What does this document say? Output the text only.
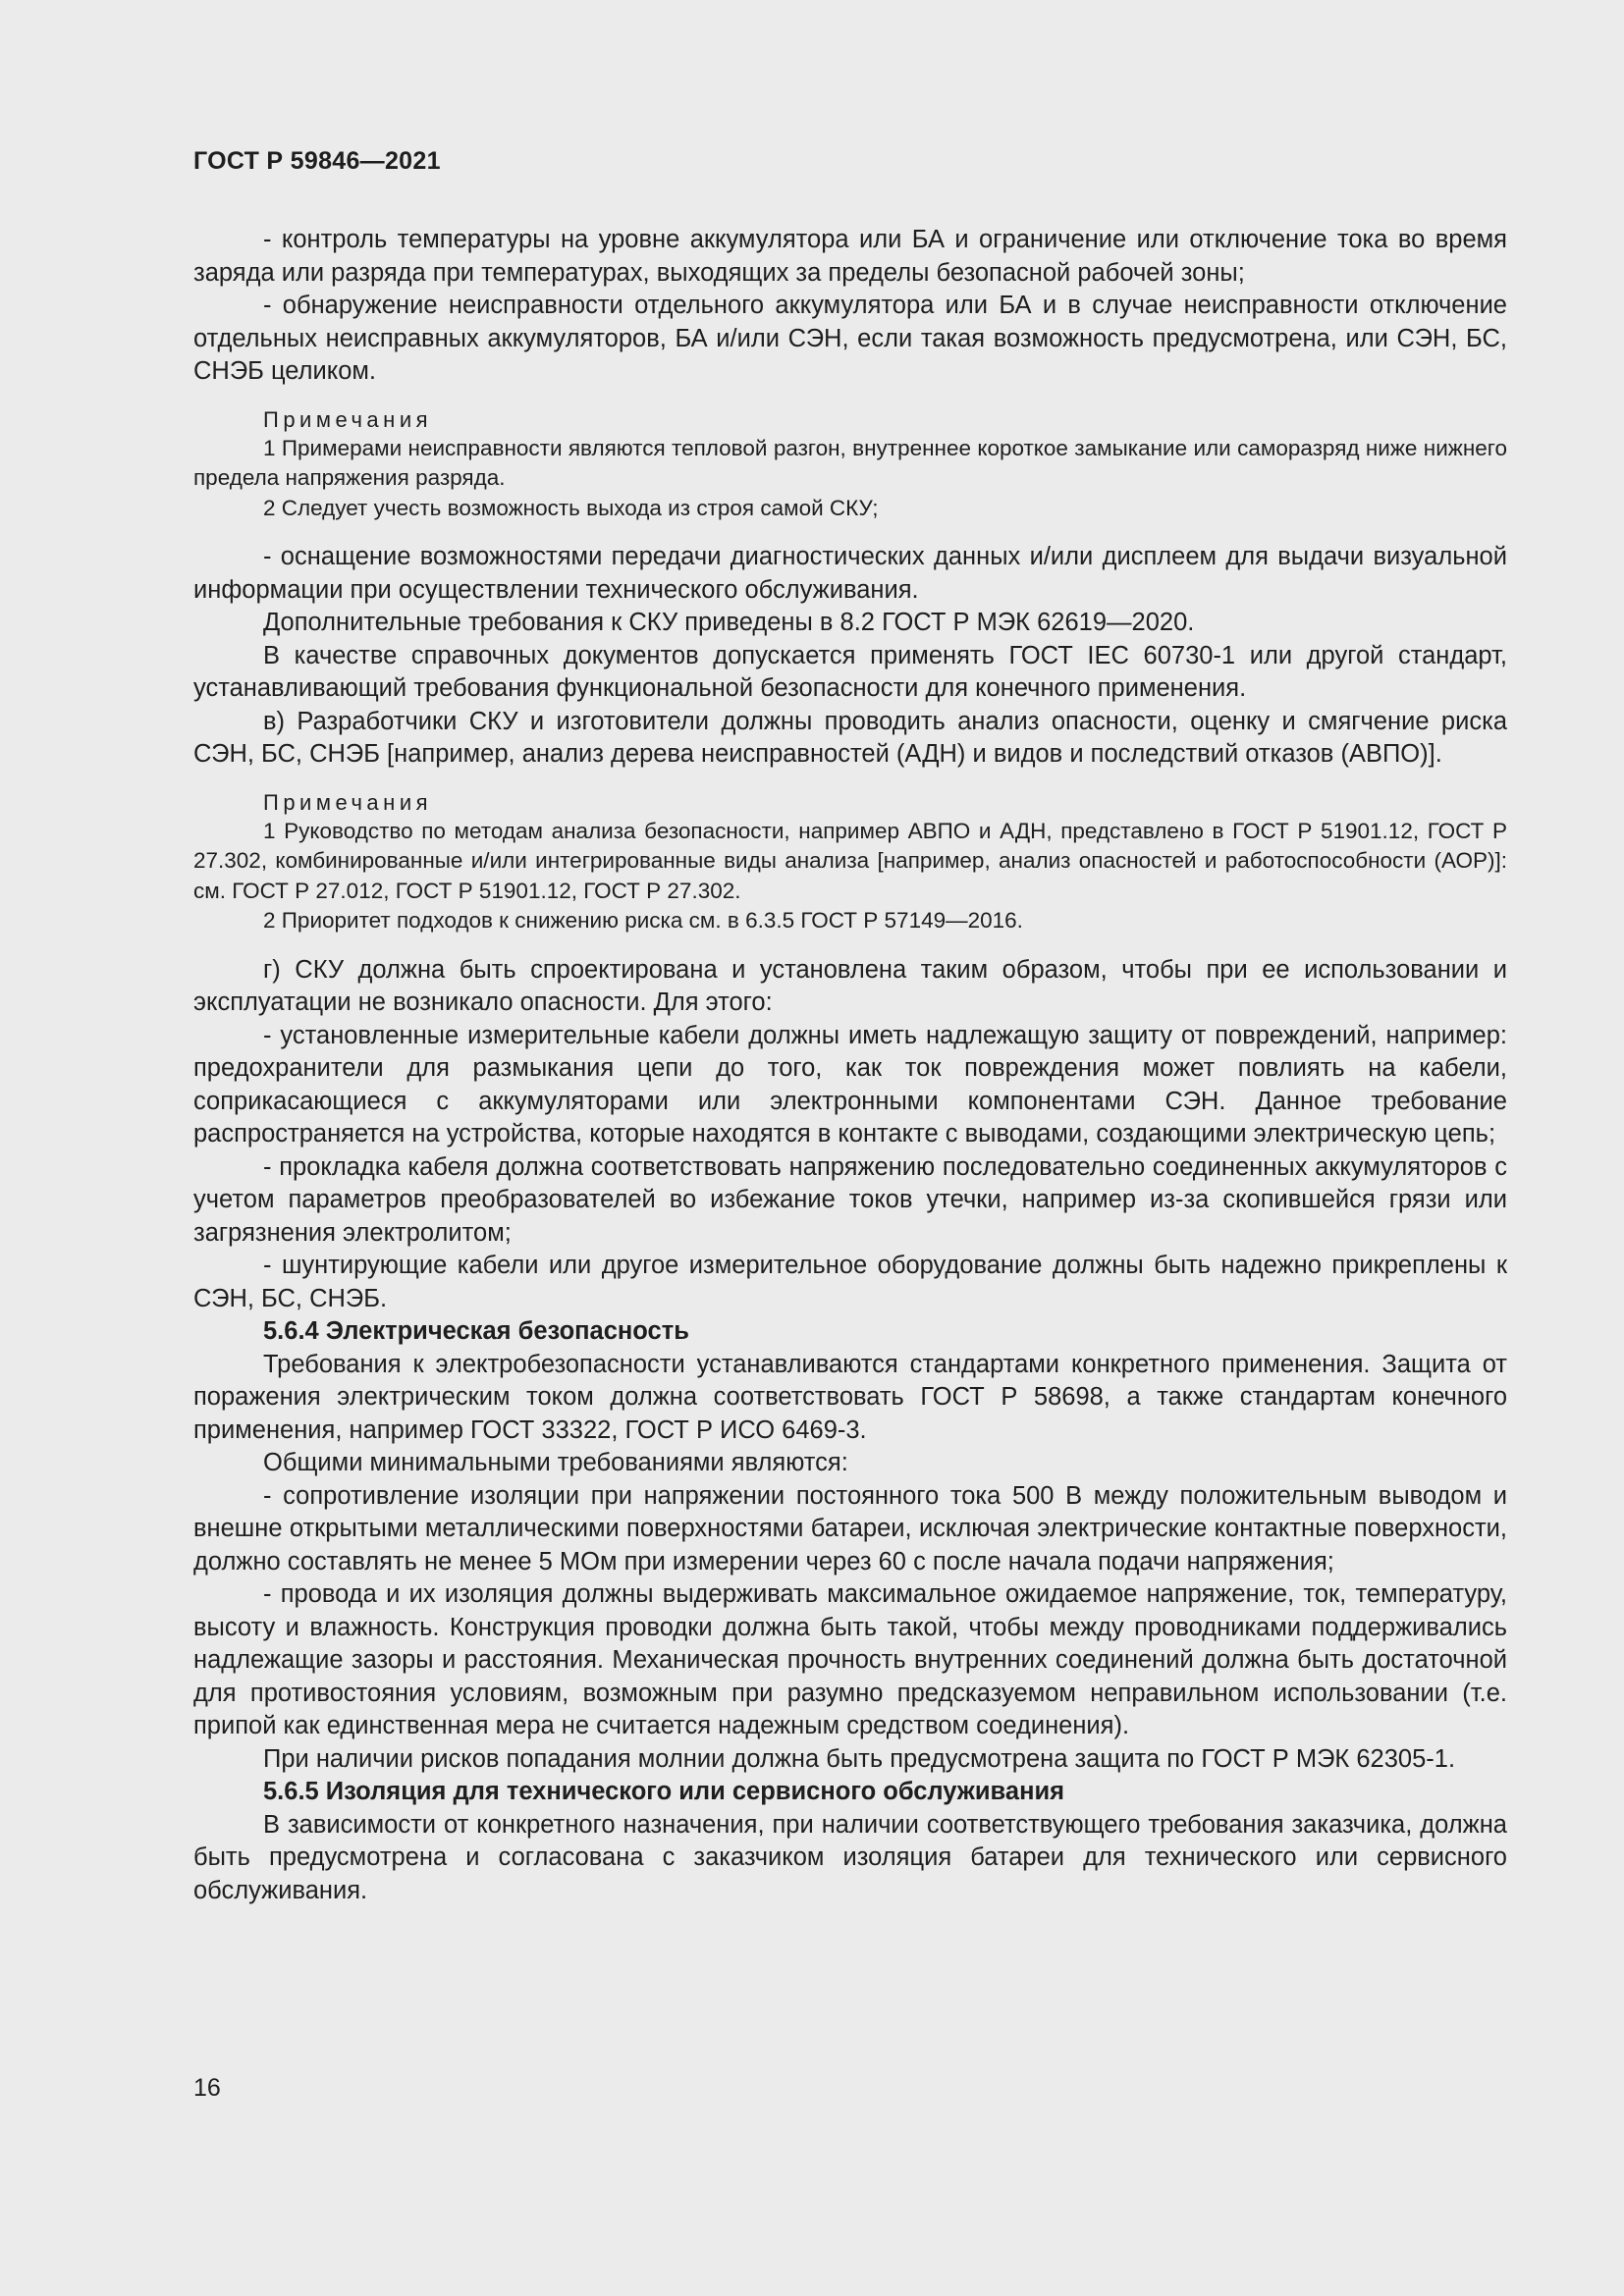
ГОСТ Р 59846—2021

- контроль температуры на уровне аккумулятора или БА и ограничение или отключение тока во время заряда или разряда при температурах, выходящих за пределы безопасной рабочей зоны;

- обнаружение неисправности отдельного аккумулятора или БА и в случае неисправности отключение отдельных неисправных аккумуляторов, БА и/или СЭН, если такая возможность предусмотрена, или СЭН, БС, СНЭБ целиком.

Примечания

1 Примерами неисправности являются тепловой разгон, внутреннее короткое замыкание или саморазряд ниже нижнего предела напряжения разряда.

2 Следует учесть возможность выхода из строя самой СКУ;

- оснащение возможностями передачи диагностических данных и/или дисплеем для выдачи визуальной информации при осуществлении технического обслуживания.

Дополнительные требования к СКУ приведены в 8.2 ГОСТ Р МЭК 62619—2020.

В качестве справочных документов допускается применять ГОСТ IEC 60730-1 или другой стандарт, устанавливающий требования функциональной безопасности для конечного применения.

в) Разработчики СКУ и изготовители должны проводить анализ опасности, оценку и смягчение риска СЭН, БС, СНЭБ [например, анализ дерева неисправностей (АДН) и видов и последствий отказов (АВПО)].

Примечания

1 Руководство по методам анализа безопасности, например АВПО и АДН, представлено в ГОСТ Р 51901.12, ГОСТ Р 27.302, комбинированные и/или интегрированные виды анализа [например, анализ опасностей и работоспособности (АОР)]: см. ГОСТ Р 27.012, ГОСТ Р 51901.12, ГОСТ Р 27.302.

2 Приоритет подходов к снижению риска см. в 6.3.5 ГОСТ Р 57149—2016.

г) СКУ должна быть спроектирована и установлена таким образом, чтобы при ее использовании и эксплуатации не возникало опасности. Для этого:

- установленные измерительные кабели должны иметь надлежащую защиту от повреждений, например: предохранители для размыкания цепи до того, как ток повреждения может повлиять на кабели, соприкасающиеся с аккумуляторами или электронными компонентами СЭН. Данное требование распространяется на устройства, которые находятся в контакте с выводами, создающими электрическую цепь;

- прокладка кабеля должна соответствовать напряжению последовательно соединенных аккумуляторов с учетом параметров преобразователей во избежание токов утечки, например из-за скопившейся грязи или загрязнения электролитом;

- шунтирующие кабели или другое измерительное оборудование должны быть надежно прикреплены к СЭН, БС, СНЭБ.

5.6.4 Электрическая безопасность

Требования к электробезопасности устанавливаются стандартами конкретного применения. Защита от поражения электрическим током должна соответствовать ГОСТ Р 58698, а также стандартам конечного применения, например ГОСТ 33322, ГОСТ Р ИСО 6469-3.

Общими минимальными требованиями являются:

- сопротивление изоляции при напряжении постоянного тока 500 В между положительным выводом и внешне открытыми металлическими поверхностями батареи, исключая электрические контактные поверхности, должно составлять не менее 5 МОм при измерении через 60 с после начала подачи напряжения;

- провода и их изоляция должны выдерживать максимальное ожидаемое напряжение, ток, температуру, высоту и влажность. Конструкция проводки должна быть такой, чтобы между проводниками поддерживались надлежащие зазоры и расстояния. Механическая прочность внутренних соединений должна быть достаточной для противостояния условиям, возможным при разумно предсказуемом неправильном использовании (т.е. припой как единственная мера не считается надежным средством соединения).

При наличии рисков попадания молнии должна быть предусмотрена защита по ГОСТ Р МЭК 62305-1.

5.6.5 Изоляция для технического или сервисного обслуживания

В зависимости от конкретного назначения, при наличии соответствующего требования заказчика, должна быть предусмотрена и согласована с заказчиком изоляция батареи для технического или сервисного обслуживания.

16
